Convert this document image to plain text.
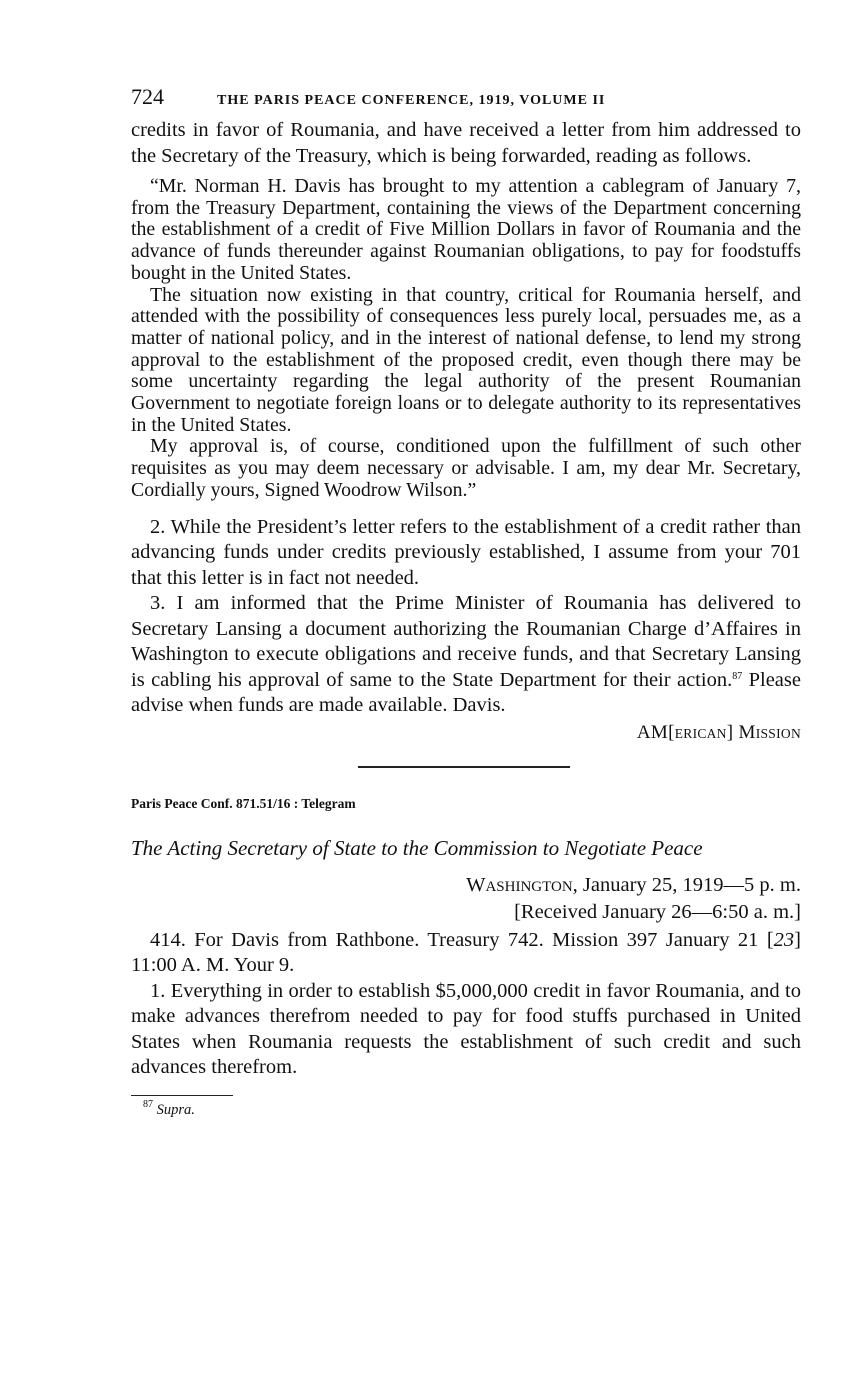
724	THE PARIS PEACE CONFERENCE, 1919, VOLUME II

credits in favor of Roumania, and have received a letter from him addressed to the Secretary of the Treasury, which is being forwarded, reading as follows.

“Mr. Norman H. Davis has brought to my attention a cablegram of January 7, from the Treasury Department, containing the views of the Department concerning the establishment of a credit of Five Million Dollars in favor of Roumania and the advance of funds thereunder against Roumanian obligations, to pay for foodstuffs bought in the United States.

The situation now existing in that country, critical for Roumania herself, and attended with the possibility of consequences less purely local, persuades me, as a matter of national policy, and in the interest of national defense, to lend my strong approval to the establishment of the proposed credit, even though there may be some uncertainty regarding the legal authority of the present Roumanian Government to negotiate foreign loans or to delegate authority to its representatives in the United States.

My approval is, of course, conditioned upon the fulfillment of such other requisites as you may deem necessary or advisable. I am, my dear Mr. Secretary, Cordially yours, Signed Woodrow Wilson.”

2. While the President’s letter refers to the establishment of a credit rather than advancing funds under credits previously established, I assume from your 701 that this letter is in fact not needed.

3. I am informed that the Prime Minister of Roumania has delivered to Secretary Lansing a document authorizing the Roumanian Charge d’Affaires in Washington to execute obligations and receive funds, and that Secretary Lansing is cabling his approval of same to the State Department for their action.$^{87}$ Please advise when funds are made available. Davis.

AM[ERICAN] MISSION
Paris Peace Conf. 871.51/16 : Telegram
The Acting Secretary of State to the Commission to Negotiate Peace
WASHINGTON, January 25, 1919—5 p. m.
[Received January 26—6:50 a. m.]

414. For Davis from Rathbone. Treasury 742. Mission 397 January 21 [23] 11:00 A. M. Your 9.

1. Everything in order to establish $5,000,000 credit in favor Roumania, and to make advances therefrom needed to pay for food stuffs purchased in United States when Roumania requests the establishment of such credit and such advances therefrom.

$^{87}$ Supra.
